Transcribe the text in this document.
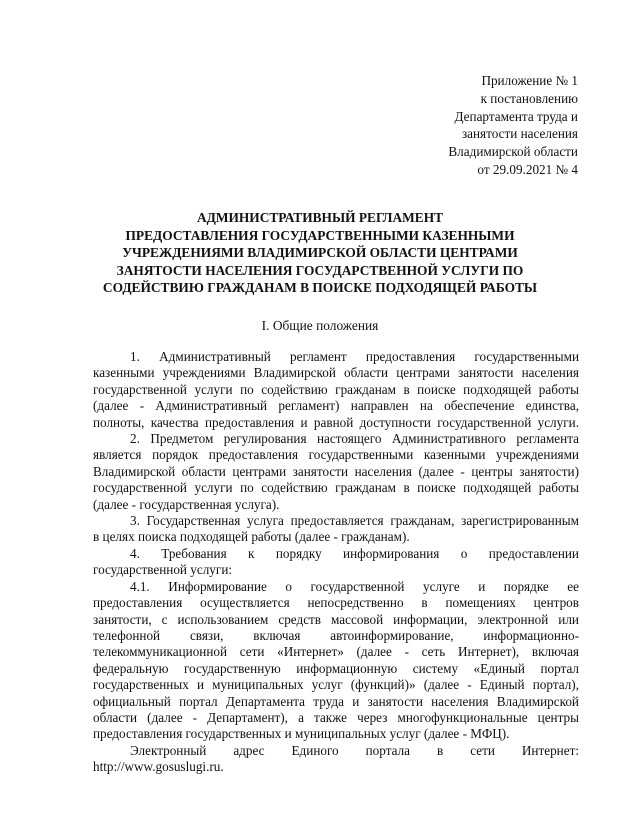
Приложение № 1
к постановлению
Департамента труда и
занятости населения
Владимирской области
от 29.09.2021 № 4
АДМИНИСТРАТИВНЫЙ РЕГЛАМЕНТ
ПРЕДОСТАВЛЕНИЯ ГОСУДАРСТВЕННЫМИ КАЗЕННЫМИ
УЧРЕЖДЕНИЯМИ ВЛАДИМИРСКОЙ ОБЛАСТИ ЦЕНТРАМИ
ЗАНЯТОСТИ НАСЕЛЕНИЯ ГОСУДАРСТВЕННОЙ УСЛУГИ ПО
СОДЕЙСТВИЮ ГРАЖДАНАМ В ПОИСКЕ ПОДХОДЯЩЕЙ РАБОТЫ
I. Общие положения
1. Административный регламент предоставления государственными
казенными учреждениями Владимирской области центрами занятости населения
государственной услуги по содействию гражданам в поиске подходящей работы
(далее - Административный регламент) направлен на обеспечение единства,
полноты, качества предоставления и равной доступности государственной услуги.
2. Предметом регулирования настоящего Административного регламента
является порядок предоставления государственными казенными учреждениями
Владимирской области центрами занятости населения (далее - центры занятости)
государственной услуги по содействию гражданам в поиске подходящей работы
(далее - государственная услуга).
3. Государственная услуга предоставляется гражданам, зарегистрированным
в целях поиска подходящей работы (далее - гражданам).
4. Требования к порядку информирования о предоставлении
государственной услуги:
4.1. Информирование о государственной услуге и порядке ее
предоставления осуществляется непосредственно в помещениях центров
занятости, с использованием средств массовой информации, электронной или
телефонной связи, включая автоинформирование, информационно-
телекоммуникационной сети «Интернет» (далее - сеть Интернет), включая
федеральную государственную информационную систему «Единый портал
государственных и муниципальных услуг (функций)» (далее - Единый портал),
официальный портал Департамента труда и занятости населения Владимирской
области (далее - Департамент), а также через многофункциональные центры
предоставления государственных и муниципальных услуг (далее - МФЦ).
Электронный адрес Единого портала в сети Интернет:
http://www.gosuslugi.ru.
